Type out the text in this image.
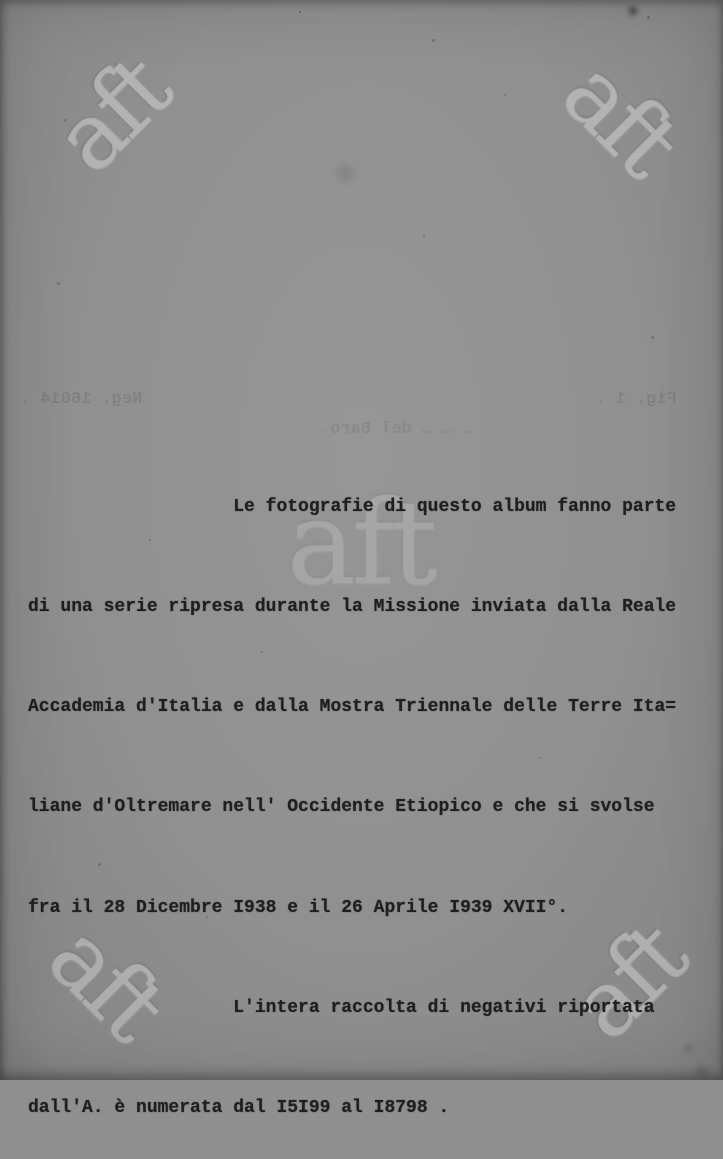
aft	aft
aft	aft
aft

Le fotografie di questo album fanno parte

di una serie ripresa durante la Missione inviata dalla Reale

Accademia d'Italia e dalla Mostra Triennale delle Terre Ita=

liane d'Oltremare nell' Occidente Etiopico e che si svolse

fra il 28 Dicembre I938 e il 26 Aprile I939 XVII°.

L'intera raccolta di negativi riportata

dall'A. è numerata dal I5I99 al I8798 .
